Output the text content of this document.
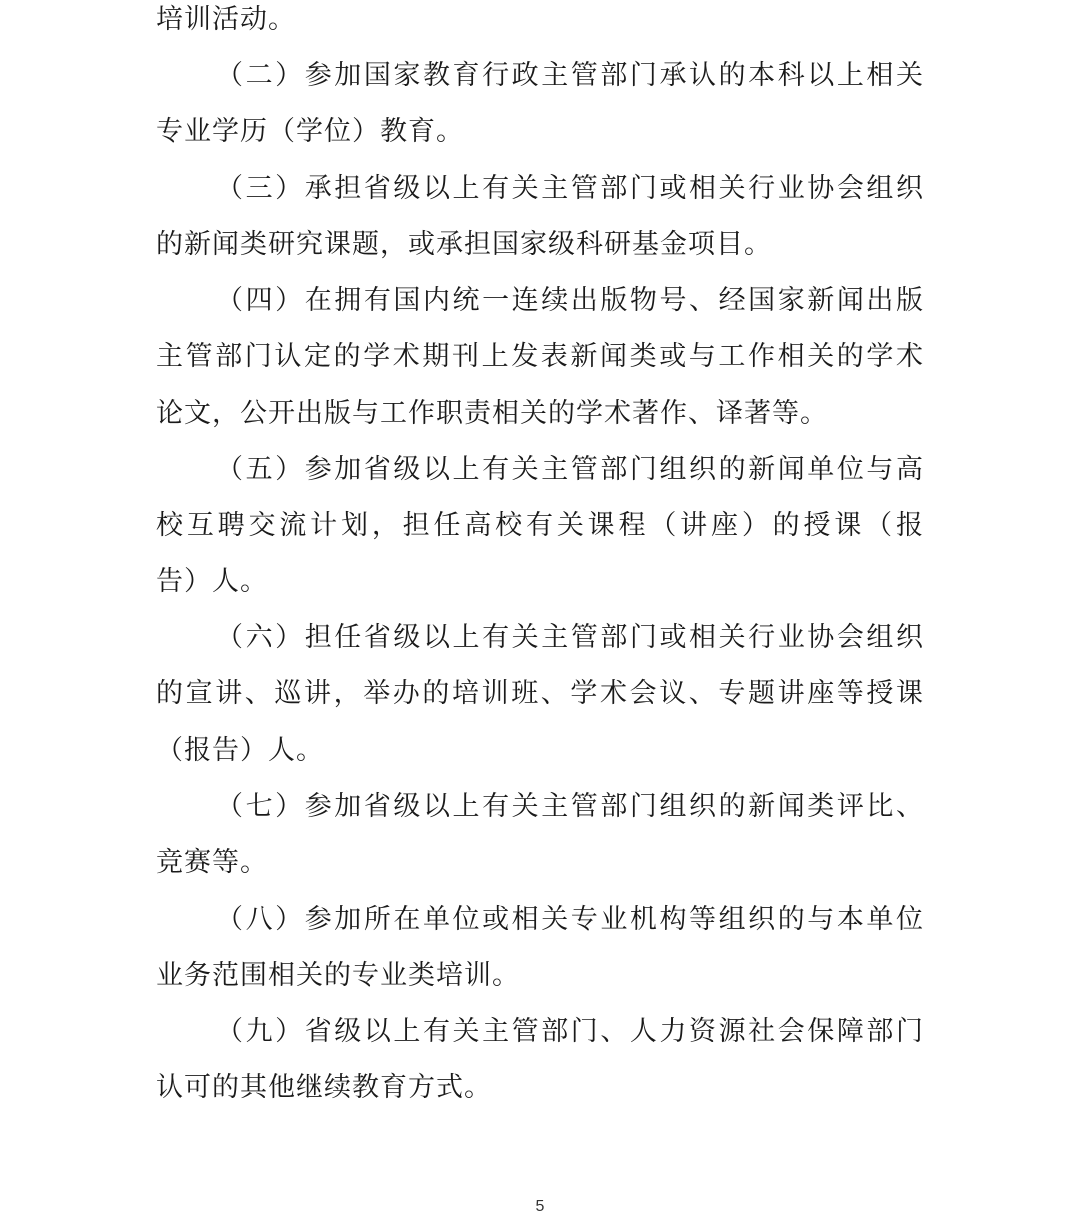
培训活动。
（二）参加国家教育行政主管部门承认的本科以上相关
专业学历（学位）教育。
（三）承担省级以上有关主管部门或相关行业协会组织
的新闻类研究课题，或承担国家级科研基金项目。
（四）在拥有国内统一连续出版物号、经国家新闻出版
主管部门认定的学术期刊上发表新闻类或与工作相关的学术
论文，公开出版与工作职责相关的学术著作、译著等。
（五）参加省级以上有关主管部门组织的新闻单位与高
校互聘交流计划，担任高校有关课程（讲座）的授课（报
告）人。
（六）担任省级以上有关主管部门或相关行业协会组织
的宣讲、巡讲，举办的培训班、学术会议、专题讲座等授课
（报告）人。
（七）参加省级以上有关主管部门组织的新闻类评比、
竞赛等。
（八）参加所在单位或相关专业机构等组织的与本单位
业务范围相关的专业类培训。
（九）省级以上有关主管部门、人力资源社会保障部门
认可的其他继续教育方式。
5
